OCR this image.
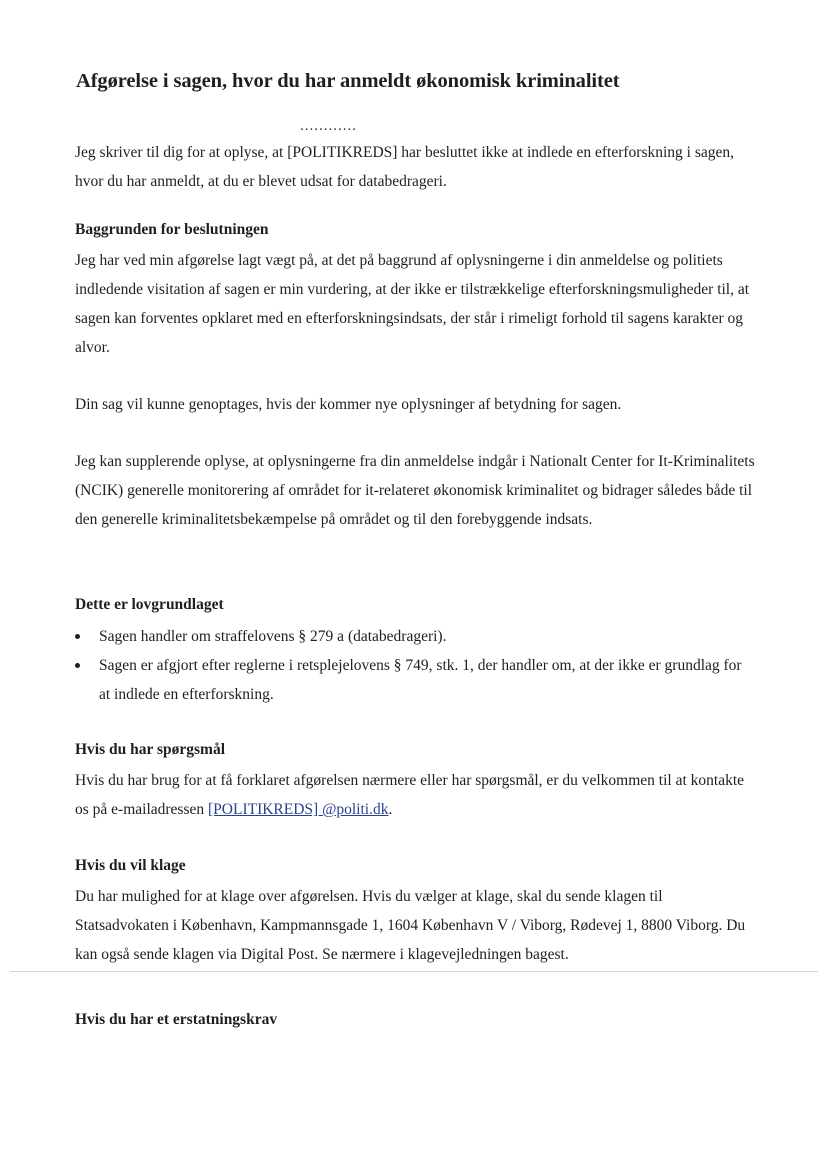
Afgørelse i sagen, hvor du har anmeldt økonomisk kriminalitet
............

Jeg skriver til dig for at oplyse, at [POLITIKREDS] har besluttet ikke at indlede en efterforskning i sagen, hvor du har anmeldt, at du er blevet udsat for databedrageri.

Baggrunden for beslutningen

Jeg har ved min afgørelse lagt vægt på, at det på baggrund af oplysningerne i din anmeldelse og politiets indledende visitation af sagen er min vurdering, at der ikke er tilstrækkelige efterforskningsmuligheder til, at sagen kan forventes opklaret med en efterforskningsindsats, der står i rimeligt forhold til sagens karakter og alvor.

Din sag vil kunne genoptages, hvis der kommer nye oplysninger af betydning for sagen.

Jeg kan supplerende oplyse, at oplysningerne fra din anmeldelse indgår i Nationalt Center for It-Kriminalitets (NCIK) generelle monitorering af området for it-relateret økonomisk kriminalitet og bidrager således både til den generelle kriminalitetsbekæmpelse på området og til den forebyggende indsats.

Dette er lovgrundlaget
Sagen handler om straffelovens § 279 a (databedrageri).
Sagen er afgjort efter reglerne i retsplejelovens § 749, stk. 1, der handler om, at der ikke er grundlag for at indlede en efterforskning.
Hvis du har spørgsmål

Hvis du har brug for at få forklaret afgørelsen nærmere eller har spørgsmål, er du velkommen til at kontakte os på e-mailadressen [POLITIKREDS] @politi.dk.

Hvis du vil klage

Du har mulighed for at klage over afgørelsen. Hvis du vælger at klage, skal du sende klagen til Statsadvokaten i København, Kampmannsgade 1, 1604 København V / Viborg, Rødevej 1, 8800 Viborg. Du kan også sende klagen via Digital Post. Se nærmere i klagevejledningen bagest.

Hvis du har et erstatningskrav
